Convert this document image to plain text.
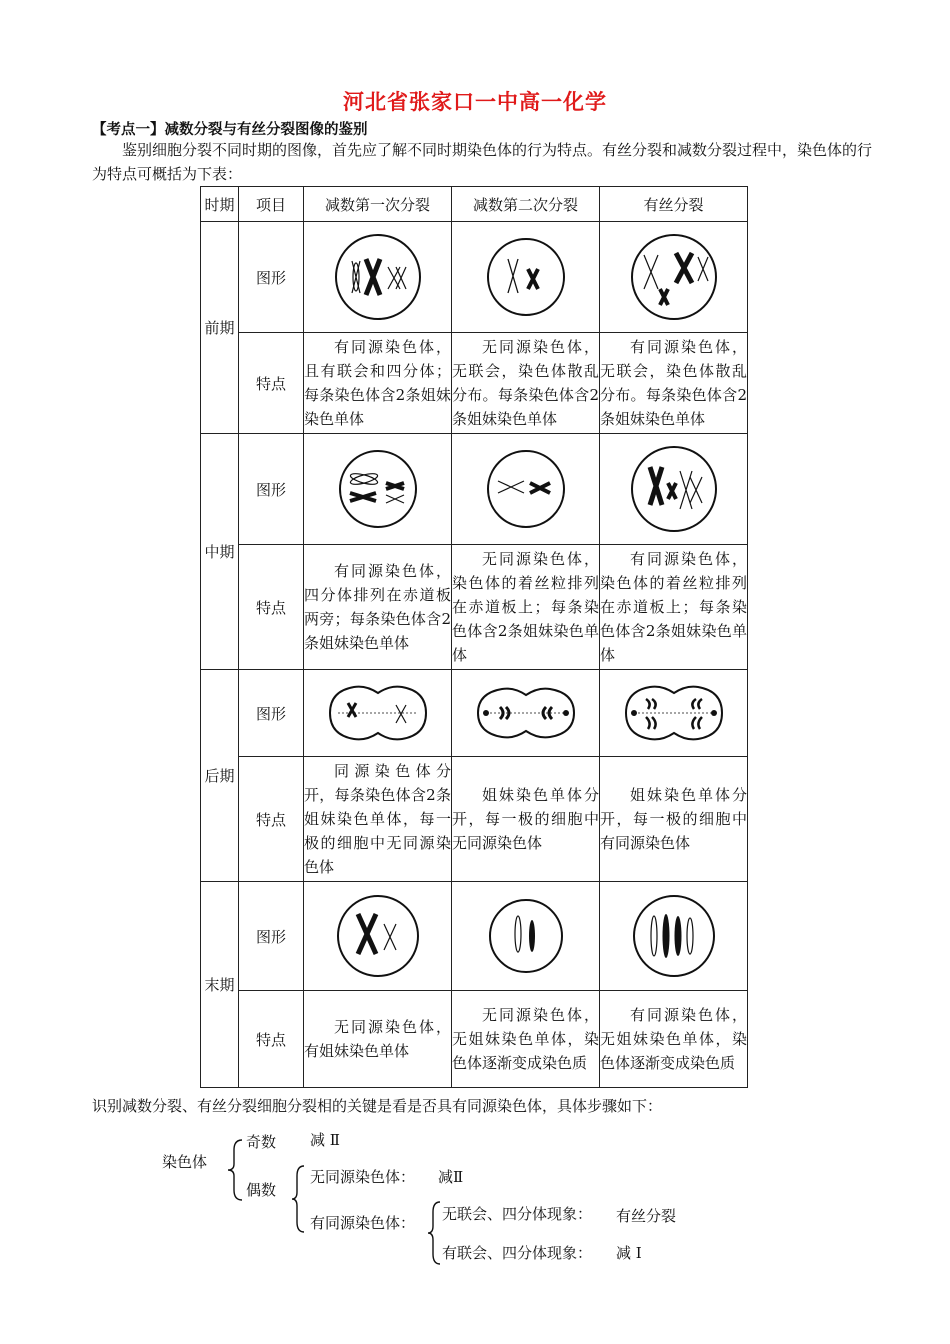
河北省张家口一中高一化学
【考点一】减数分裂与有丝分裂图像的鉴别
鉴别细胞分裂不同时期的图像，首先应了解不同时期染色体的行为特点。有丝分裂和减数分裂过程中，染色体的行为特点可概括为下表：
时期	项目	减数第一次分裂	减数第二次分裂	有丝分裂
前期	图形	

	特点	有同源染色体，且有联会和四分体；每条染色体含2条姐妹染色单体	无同源染色体，无联会，染色体散乱分布。每条染色体含2条姐妹染色单体	有同源染色体，无联会，染色体散乱分布。每条染色体含2条姐妹染色单体

中期	图形	

	特点	有同源染色体，四分体排列在赤道板两旁；每条染色体含2条姐妹染色单体	无同源染色体，染色体的着丝粒排列在赤道板上；每条染色体含2条姐妹染色单体	有同源染色体，染色体的着丝粒排列在赤道板上；每条染色体含2条姐妹染色单体

后期	图形	

	特点	同源染色体分开，每条染色体含2条姐妹染色单体，每一极的细胞中无同源染色体	姐妹染色单体分开，每一极的细胞中无同源染色体	姐妹染色单体分开，每一极的细胞中有同源染色体

末期	图形	

	特点	无同源染色体，有姐妹染色单体	无同源染色体，无姐妹染色单体，染色体逐渐变成染色质	有同源染色体，无姐妹染色单体，染色体逐渐变成染色质

识别减数分裂、有丝分裂细胞分裂相的关键是看是否具有同源染色体，具体步骤如下：
染色体
奇数 减 Ⅱ
偶数
无同源染色体： 减Ⅱ
有同源染色体： 无联会、四分体现象： 有丝分裂
有联会、四分体现象： 减 Ⅰ
